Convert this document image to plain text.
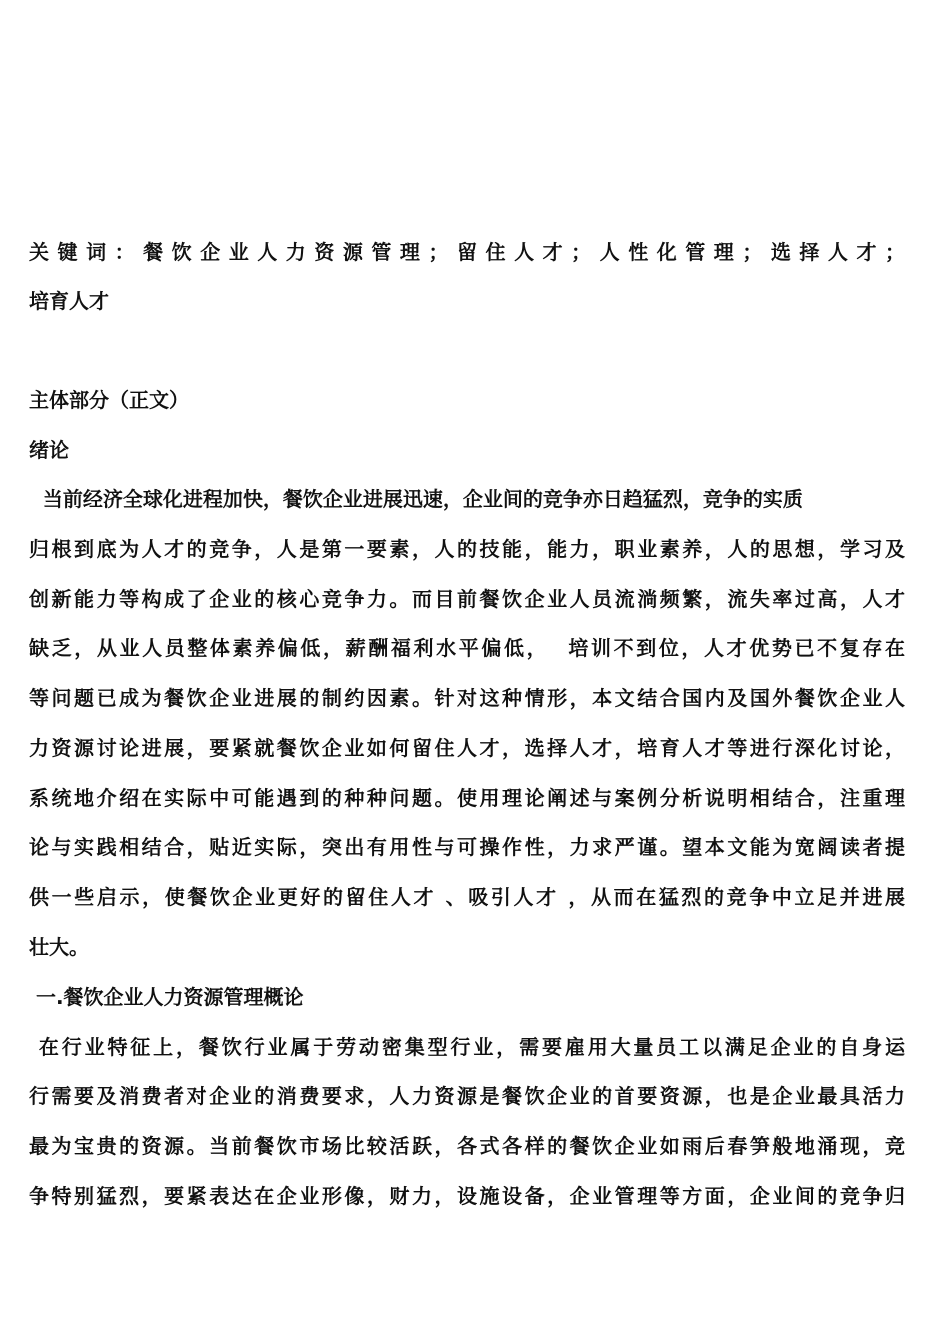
关键词：餐饮企业人力资源管理；留住人才；人性化管理；选择人才；
培育人才
主体部分（正文）
绪论
当前经济全球化进程加快，餐饮企业进展迅速，企业间的竞争亦日趋猛烈，竞争的实质
归根到底为人才的竞争，人是第一要素，人的技能，能力，职业素养，人的思想，学习及
创新能力等构成了企业的核心竞争力。而目前餐饮企业人员流淌频繁，流失率过高，人才
缺乏，从业人员整体素养偏低，薪酬福利水平偏低，  培训不到位，人才优势已不复存在
等问题已成为餐饮企业进展的制约因素。针对这种情形，本文结合国内及国外餐饮企业人
力资源讨论进展，要紧就餐饮企业如何留住人才，选择人才，培育人才等进行深化讨论，
系统地介绍在实际中可能遇到的种种问题。使用理论阐述与案例分析说明相结合，注重理
论与实践相结合，贴近实际，突出有用性与可操作性，力求严谨。望本文能为宽阔读者提
供一些启示，使餐饮企业更好的留住人才 、吸引人才 ，从而在猛烈的竞争中立足并进展
壮大。
一.餐饮企业人力资源管理概论
在行业特征上，餐饮行业属于劳动密集型行业，需要雇用大量员工以满足企业的自身运
行需要及消费者对企业的消费要求，人力资源是餐饮企业的首要资源，也是企业最具活力
最为宝贵的资源。当前餐饮市场比较活跃，各式各样的餐饮企业如雨后春笋般地涌现，竞
争特别猛烈，要紧表达在企业形像，财力，设施设备，企业管理等方面，企业间的竞争归
